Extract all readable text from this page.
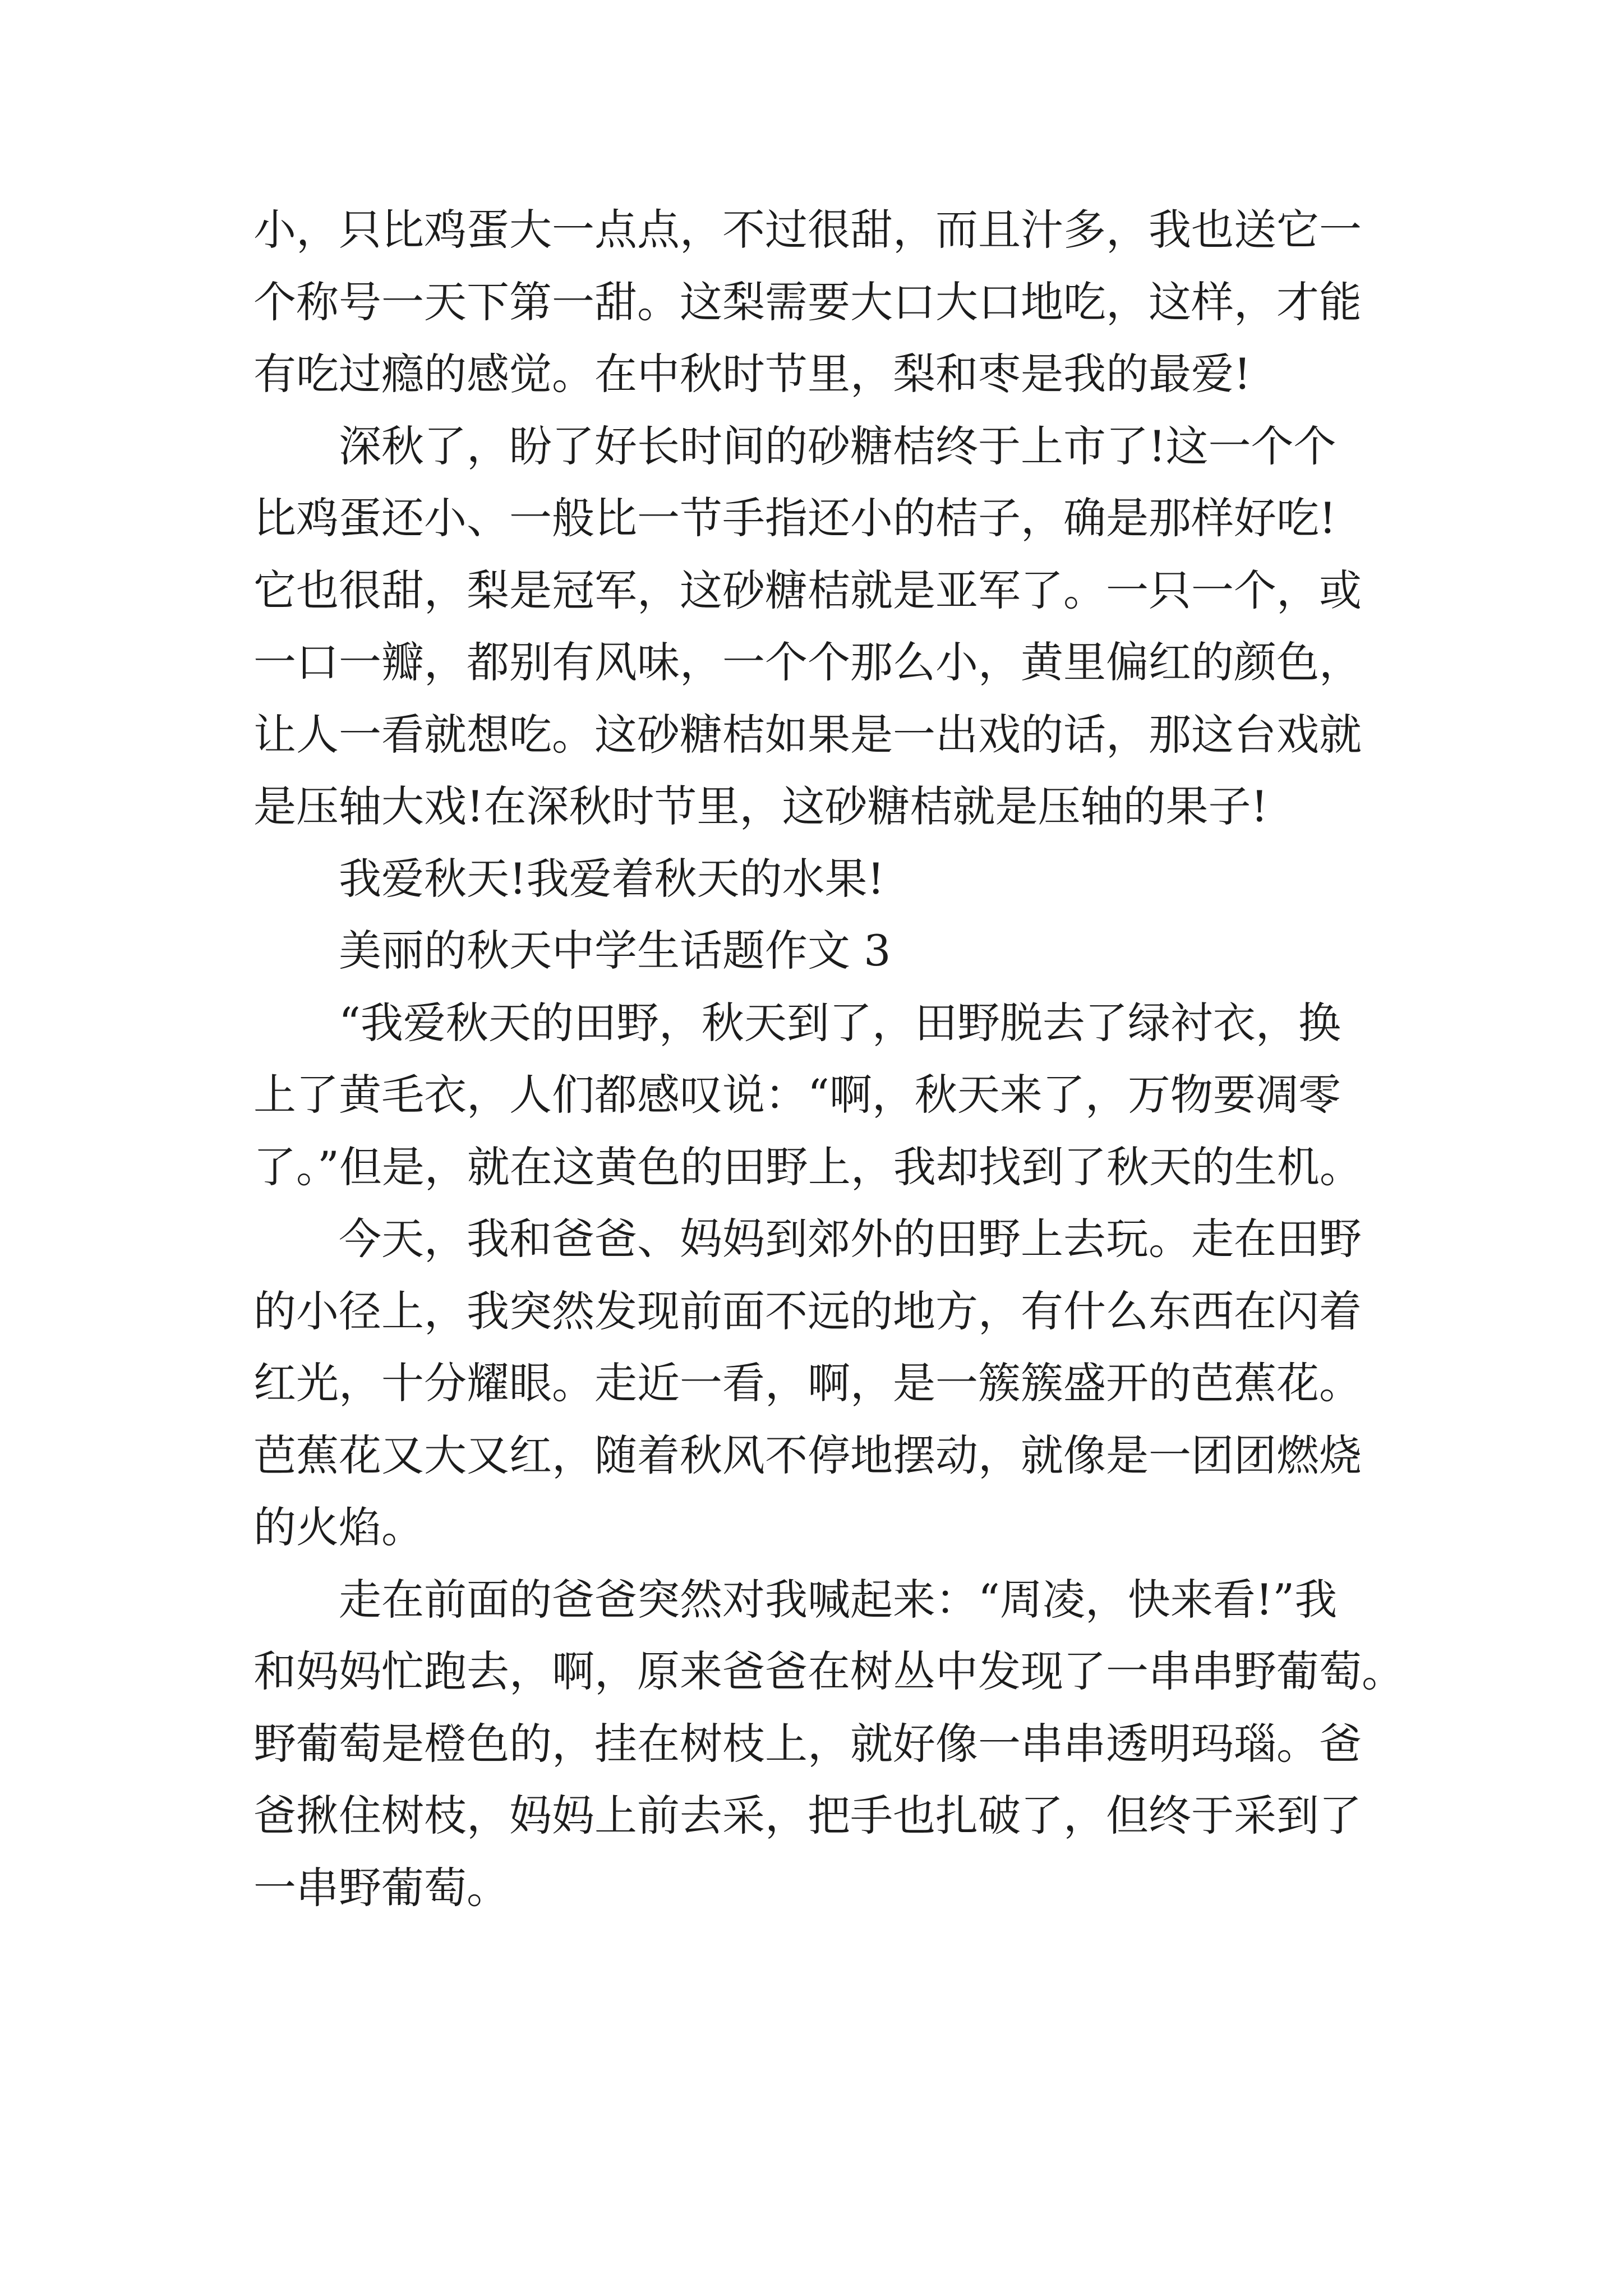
小，只比鸡蛋大一点点，不过很甜，而且汁多，我也送它一
个称号一天下第一甜。这梨需要大口大口地吃，这样，才能
有吃过瘾的感觉。在中秋时节里，梨和枣是我的最爱!
深秋了，盼了好长时间的砂糖桔终于上市了!这一个个
比鸡蛋还小、一般比一节手指还小的桔子，确是那样好吃!
它也很甜，梨是冠军，这砂糖桔就是亚军了。一只一个，或
一口一瓣，都别有风味，一个个那么小，黄里偏红的颜色，
让人一看就想吃。这砂糖桔如果是一出戏的话，那这台戏就
是压轴大戏!在深秋时节里，这砂糖桔就是压轴的果子!
我爱秋天!我爱着秋天的水果!
美丽的秋天中学生话题作文 3
“我爱秋天的田野，秋天到了，田野脱去了绿衬衣，换
上了黄毛衣，人们都感叹说：“啊，秋天来了，万物要凋零
了。”但是，就在这黄色的田野上，我却找到了秋天的生机。
今天，我和爸爸、妈妈到郊外的田野上去玩。走在田野
的小径上，我突然发现前面不远的地方，有什么东西在闪着
红光，十分耀眼。走近一看，啊，是一簇簇盛开的芭蕉花。
芭蕉花又大又红，随着秋风不停地摆动，就像是一团团燃烧
的火焰。
走在前面的爸爸突然对我喊起来：“周凌，快来看!”我
和妈妈忙跑去，啊，原来爸爸在树丛中发现了一串串野葡萄。
野葡萄是橙色的，挂在树枝上，就好像一串串透明玛瑙。爸
爸揪住树枝，妈妈上前去采，把手也扎破了，但终于采到了
一串野葡萄。
